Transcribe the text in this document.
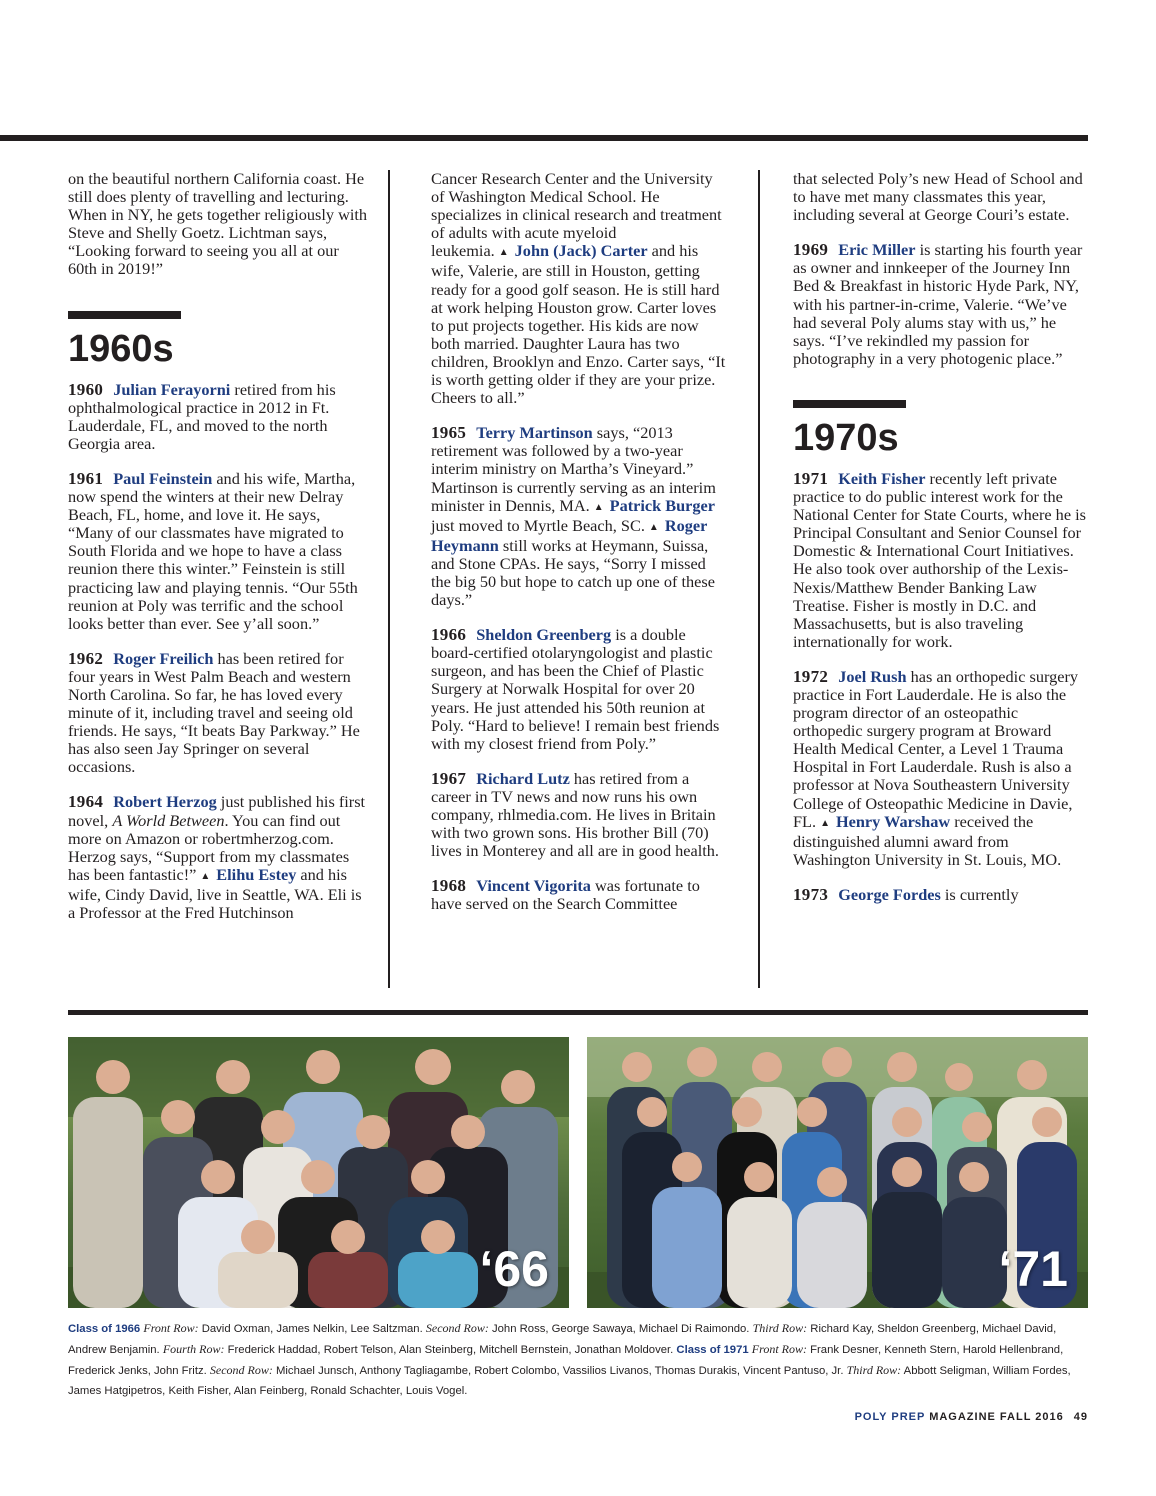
on the beautiful northern California coast. He still does plenty of travelling and lecturing. When in NY, he gets together religiously with Steve and Shelly Goetz. Lichtman says, “Looking forward to seeing you all at our 60th in 2019!”

1960s

1960 Julian Ferayorni retired from his ophthalmological practice in 2012 in Ft. Lauderdale, FL, and moved to the north Georgia area.

1961 Paul Feinstein and his wife, Martha, now spend the winters at their new Delray Beach, FL, home, and love it. He says, “Many of our classmates have migrated to South Florida and we hope to have a class reunion there this winter.” Feinstein is still practicing law and playing tennis. “Our 55th reunion at Poly was terrific and the school looks better than ever. See y’all soon.”

1962 Roger Freilich has been retired for four years in West Palm Beach and western North Carolina. So far, he has loved every minute of it, including travel and seeing old friends. He says, “It beats Bay Parkway.” He has also seen Jay Springer on several occasions.

1964 Robert Herzog just published his first novel, A World Between. You can find out more on Amazon or robertmherzog.com. Herzog says, “Support from my classmates has been fantastic!” ▲ Elihu Estey and his wife, Cindy David, live in Seattle, WA. Eli is a Professor at the Fred Hutchinson

Cancer Research Center and the University of Washington Medical School. He specializes in clinical research and treatment of adults with acute myeloid leukemia. ▲ John (Jack) Carter and his wife, Valerie, are still in Houston, getting ready for a good golf season. He is still hard at work helping Houston grow. Carter loves to put projects together. His kids are now both married. Daughter Laura has two children, Brooklyn and Enzo. Carter says, “It is worth getting older if they are your prize. Cheers to all.”

1965 Terry Martinson says, “2013 retirement was followed by a two-year interim ministry on Martha’s Vineyard.” Martinson is currently serving as an interim minister in Dennis, MA. ▲ Patrick Burger just moved to Myrtle Beach, SC. ▲ Roger Heymann still works at Heymann, Suissa, and Stone CPAs. He says, “Sorry I missed the big 50 but hope to catch up one of these days.”

1966 Sheldon Greenberg is a double board-certified otolaryngologist and plastic surgeon, and has been the Chief of Plastic Surgery at Norwalk Hospital for over 20 years. He just attended his 50th reunion at Poly. “Hard to believe! I remain best friends with my closest friend from Poly.”

1967 Richard Lutz has retired from a career in TV news and now runs his own company, rhlmedia.com. He lives in Britain with two grown sons. His brother Bill (70) lives in Monterey and all are in good health.

1968 Vincent Vigorita was fortunate to have served on the Search Committee

that selected Poly’s new Head of School and to have met many classmates this year, including several at George Couri’s estate.

1969 Eric Miller is starting his fourth year as owner and innkeeper of the Journey Inn Bed & Breakfast in historic Hyde Park, NY, with his partner-in-crime, Valerie. “We’ve had several Poly alums stay with us,” he says. “I’ve rekindled my passion for photography in a very photogenic place.”

1970s

1971 Keith Fisher recently left private practice to do public interest work for the National Center for State Courts, where he is Principal Consultant and Senior Counsel for Domestic & International Court Initiatives. He also took over authorship of the Lexis-Nexis/Matthew Bender Banking Law Treatise. Fisher is mostly in D.C. and Massachusetts, but is also traveling internationally for work.

1972 Joel Rush has an orthopedic surgery practice in Fort Lauderdale. He is also the program director of an osteopathic orthopedic surgery program at Broward Health Medical Center, a Level 1 Trauma Hospital in Fort Lauderdale. Rush is also a professor at Nova Southeastern University College of Osteopathic Medicine in Davie, FL. ▲ Henry Warshaw received the distinguished alumni award from Washington University in St. Louis, MO.

1973 George Fordes is currently

‘66	‘71
Class of 1966 Front Row: David Oxman, James Nelkin, Lee Saltzman. Second Row: John Ross, George Sawaya, Michael Di Raimondo. Third Row: Richard Kay, Sheldon Greenberg, Michael David, Andrew Benjamin. Fourth Row: Frederick Haddad, Robert Telson, Alan Steinberg, Mitchell Bernstein, Jonathan Moldover. Class of 1971 Front Row: Frank Desner, Kenneth Stern, Harold Hellenbrand, Frederick Jenks, John Fritz. Second Row: Michael Junsch, Anthony Tagliagambe, Robert Colombo, Vassilios Livanos, Thomas Durakis, Vincent Pantuso, Jr. Third Row: Abbott Seligman, William Fordes, James Hatgipetros, Keith Fisher, Alan Feinberg, Ronald Schachter, Louis Vogel.
POLY PREP MAGAZINE FALL 2016 49
